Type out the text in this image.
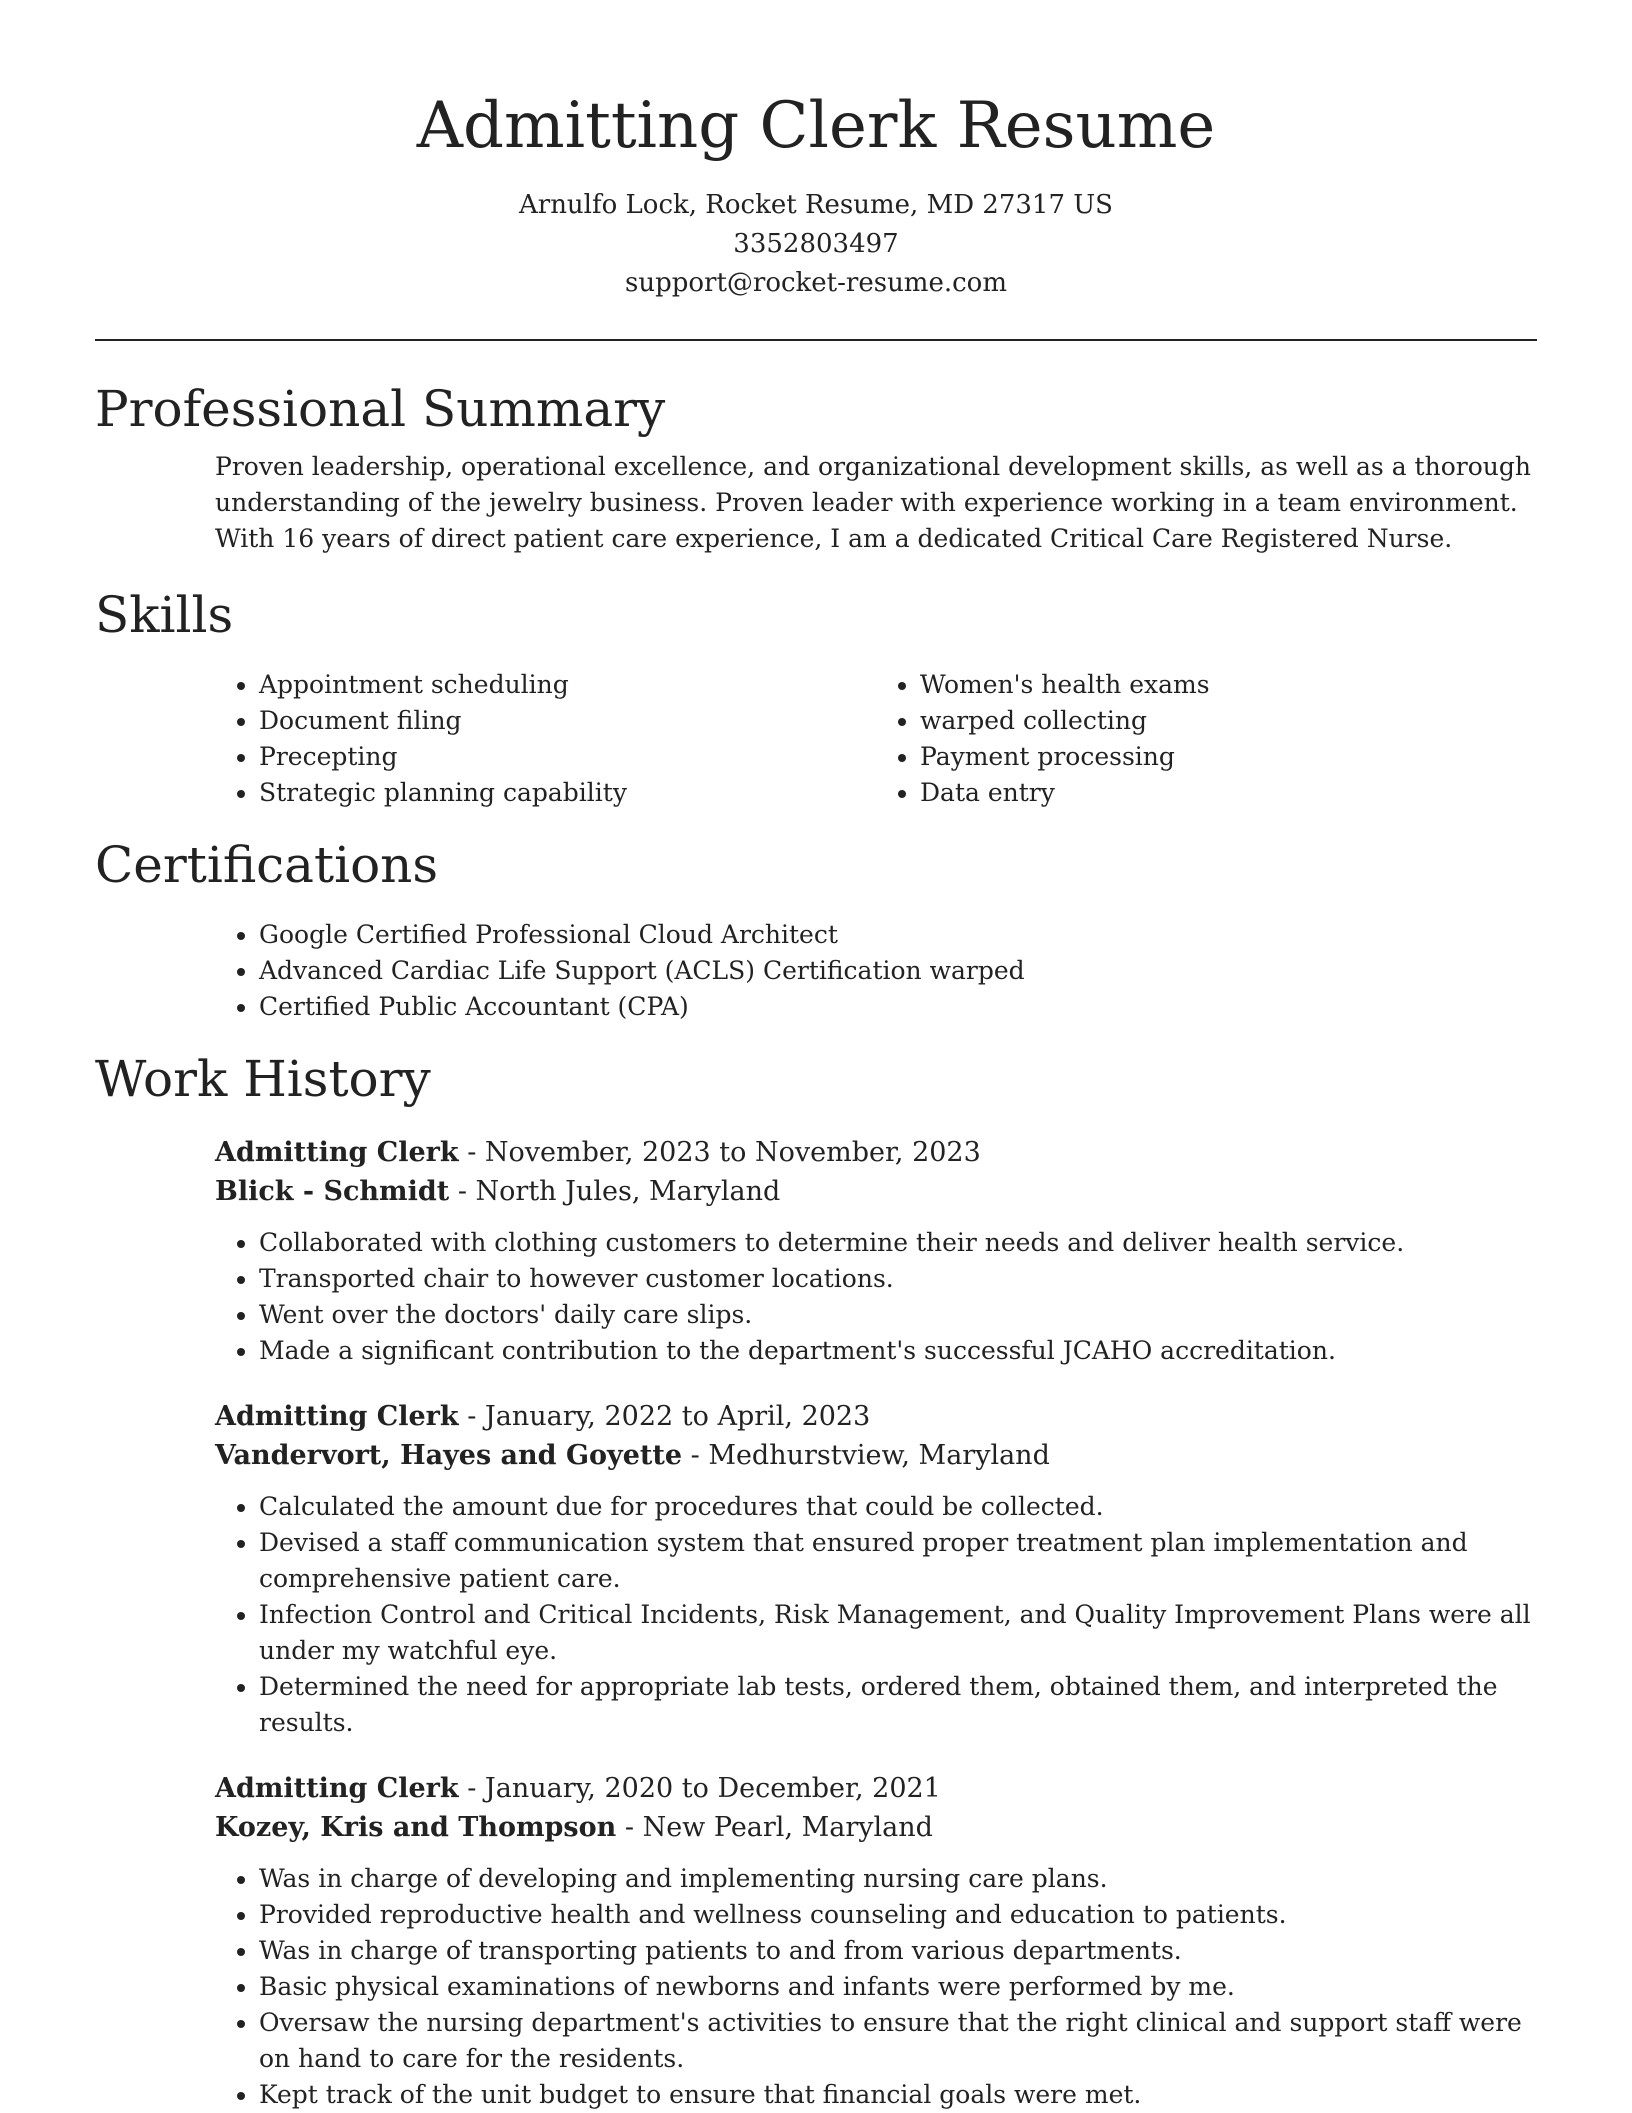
Admitting Clerk Resume
Arnulfo Lock, Rocket Resume, MD 27317 US
3352803497
support@rocket-resume.com
Professional Summary

Proven leadership, operational excellence, and organizational development skills, as well as a thorough understanding of the jewelry business. Proven leader with experience working in a team environment. With 16 years of direct patient care experience, I am a dedicated Critical Care Registered Nurse.

Skills
• Appointment scheduling
• Document filing
• Precepting
• Strategic planning capability
• Women's health exams
• warped collecting
• Payment processing
• Data entry
Certifications
• Google Certified Professional Cloud Architect
• Advanced Cardiac Life Support (ACLS) Certification warped
• Certified Public Accountant (CPA)
Work History
Admitting Clerk - November, 2023 to November, 2023
Blick - Schmidt - North Jules, Maryland
• Collaborated with clothing customers to determine their needs and deliver health service.
• Transported chair to however customer locations.
• Went over the doctors' daily care slips.
• Made a significant contribution to the department's successful JCAHO accreditation.
Admitting Clerk - January, 2022 to April, 2023
Vandervort, Hayes and Goyette - Medhurstview, Maryland
• Calculated the amount due for procedures that could be collected.
• Devised a staff communication system that ensured proper treatment plan implementation and comprehensive patient care.
• Infection Control and Critical Incidents, Risk Management, and Quality Improvement Plans were all under my watchful eye.
• Determined the need for appropriate lab tests, ordered them, obtained them, and interpreted the results.
Admitting Clerk - January, 2020 to December, 2021
Kozey, Kris and Thompson - New Pearl, Maryland
• Was in charge of developing and implementing nursing care plans.
• Provided reproductive health and wellness counseling and education to patients.
• Was in charge of transporting patients to and from various departments.
• Basic physical examinations of newborns and infants were performed by me.
• Oversaw the nursing department's activities to ensure that the right clinical and support staff were on hand to care for the residents.
• Kept track of the unit budget to ensure that financial goals were met.
